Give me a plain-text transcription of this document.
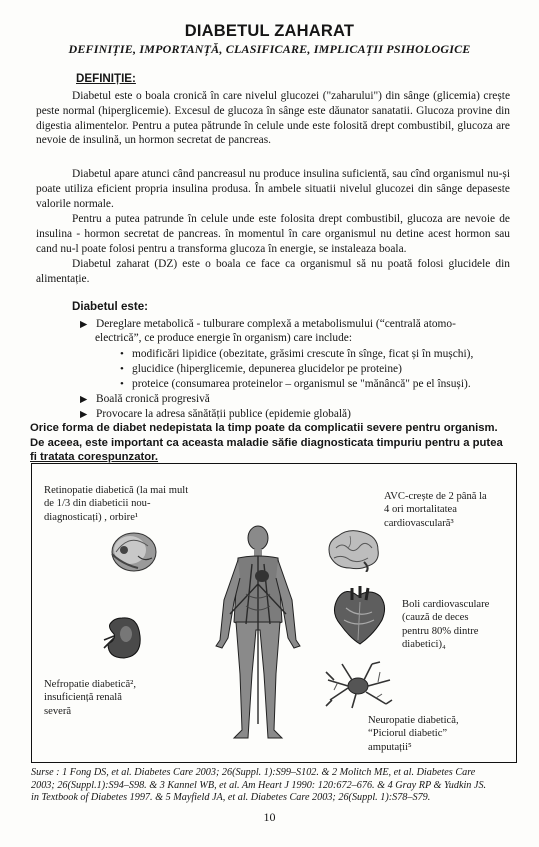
DIABETUL ZAHARAT
DEFINIȚIE, IMPORTANȚĂ, CLASIFICARE, IMPLICAȚII PSIHOLOGICE
DEFINIȚIE:
Diabetul este o boala cronică în care nivelul glucozei ("zaharului") din sânge (glicemia) crește peste normal (hiperglicemie). Excesul de glucoza în sânge este dăunator sanatatii. Glucoza provine din digestia alimentelor. Pentru a putea pătrunde în celule unde este folosită drept combustibil, glucoza are nevoie de insulină, un hormon secretat de pancreas.
Diabetul apare atunci când pancreasul nu produce insulina suficientă, sau cînd organismul nu-și poate utiliza eficient propria insulina produsa. În ambele situatii nivelul glucozei din sânge depaseste valorile normale.
Pentru a putea patrunde în celule unde este folosita drept combustibil, glucoza are nevoie de insulina - hormon secretat de pancreas. în momentul în care organismul nu detine acest hormon sau cand nu-l poate folosi pentru a transforma glucoza în energie, se instaleaza boala.
Diabetul zaharat (DZ) este o boala ce face ca organismul să nu poată folosi glucidele din alimentație.
Diabetul este:
▶ Dereglare metabolică - tulburare complexă a metabolismului (“centrală atomo-
electrică”, ce produce energie în organism) care include:
• modificări lipidice (obezitate, grăsimi crescute în sînge, ficat și în mușchi),
• glucidice (hiperglicemie, depunerea glucidelor pe proteine)
• proteice (consumarea proteinelor – organismul se "mănâncă" pe el însuși).
▶ Boală cronică progresivă
▶ Provocare la adresa sănătății publice (epidemie globală)
Orice forma de diabet nedepistata la timp poate da complicatii severe pentru organism.
De aceea, este important ca aceasta maladie săfie diagnosticata timpuriu pentru a putea
fi tratata corespunzator.
Retinopatie diabetică (la mai mult
de 1/3 din diabeticii nou-
diagnosticați) , orbire¹
AVC-crește de 2 până la
4 ori mortalitatea
cardiovasculară³
Boli cardiovasculare
(cauză de deces
pentru 80% dintre
diabetici)₄
Nefropatie diabetică²,
insuficiență renală
severă
Neuropatie diabetică,
“Piciorul diabetic”
amputații⁵
Surse : 1 Fong DS, et al. Diabetes Care 2003; 26(Suppl. 1):S99–S102. & 2 Molitch ME, et al. Diabetes Care
2003; 26(Suppl.1):S94–S98. & 3 Kannel WB, et al. Am Heart J 1990: 120:672–676. & 4 Gray RP & Yudkin JS.
in Textbook of Diabetes 1997. & 5 Mayfield JA, et al. Diabetes Care 2003; 26(Suppl. 1):S78–S79.
10
